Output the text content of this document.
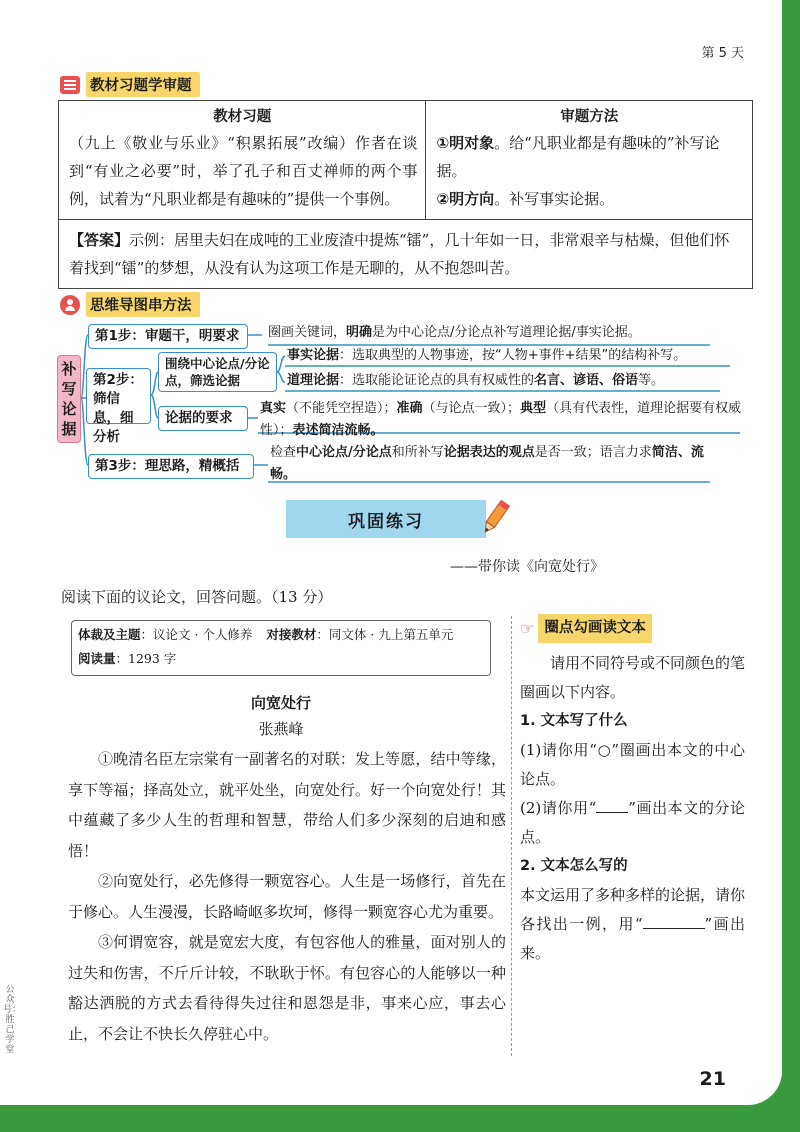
第 5 天
教材习题学审题
教材习题	审题方法
（九上《敬业与乐业》“积累拓展”改编）作者在谈到“有业之必要”时，举了孔子和百丈禅师的两个事例，试着为“凡职业都是有趣味的”提供一个事例。	①明对象。给“凡职业都是有趣味的”补写论据。
②明方向。补写事实论据。

【答案】示例：居里夫妇在成吨的工业废渣中提炼“镭”，几十年如一日，非常艰辛与枯燥，但他们怀着找到“镭”的梦想，从没有认为这项工作是无聊的，从不抱怨叫苦。	
思维导图串方法
补写论据
第1步：审题干，明要求	圈画关键词，明确是为中心论点/分论点补写道理论据/事实论据。
第2步：筛信息，细分析
围绕中心论点/分论点，筛选论据
事实论据：选取典型的人物事迹，按“人物+事件+结果”的结构补写。
道理论据：选取能论证论点的具有权威性的名言、谚语、俗语等。
论据的要求
真实（不能凭空捏造）；准确（与论点一致）；典型（具有代表性，道理论据要有权威性）；表述简洁流畅。
第3步：理思路，精概括
检查中心论点/分论点和所补写论据表达的观点是否一致；语言力求简洁、流畅。
巩固练习
——带你读《向宽处行》
阅读下面的议论文，回答问题。（13 分）
体裁及主题：议论文 · 个人修养 对接教材：同文体 · 九上第五单元
阅读量：1293 字
向宽处行
张燕峰

①晚清名臣左宗棠有一副著名的对联：发上等愿，结中等缘，享下等福；择高处立，就平处坐，向宽处行。好一个向宽处行！其中蕴藏了多少人生的哲理和智慧，带给人们多少深刻的启迪和感悟！

②向宽处行，必先修得一颗宽容心。人生是一场修行，首先在于修心。人生漫漫，长路崎岖多坎坷，修得一颗宽容心尤为重要。

③何谓宽容，就是宽宏大度，有包容他人的雅量，面对别人的过失和伤害，不斤斤计较，不耿耿于怀。有包容心的人能够以一种豁达洒脱的方式去看待得失过往和恩怨是非，事来心应，事去心止，不会让不快长久停驻心中。

☞ 圈点勾画读文本

请用不同符号或不同颜色的笔圈画以下内容。

1. 文本写了什么

(1)请你用“○”圈画出本文的中心论点。

(2)请你用“ ”画出本文的分论点。

2. 文本怎么写的

本文运用了多种多样的论据，请你各找出一例，用“	”画出来。

公众号：胜己学堂
21
